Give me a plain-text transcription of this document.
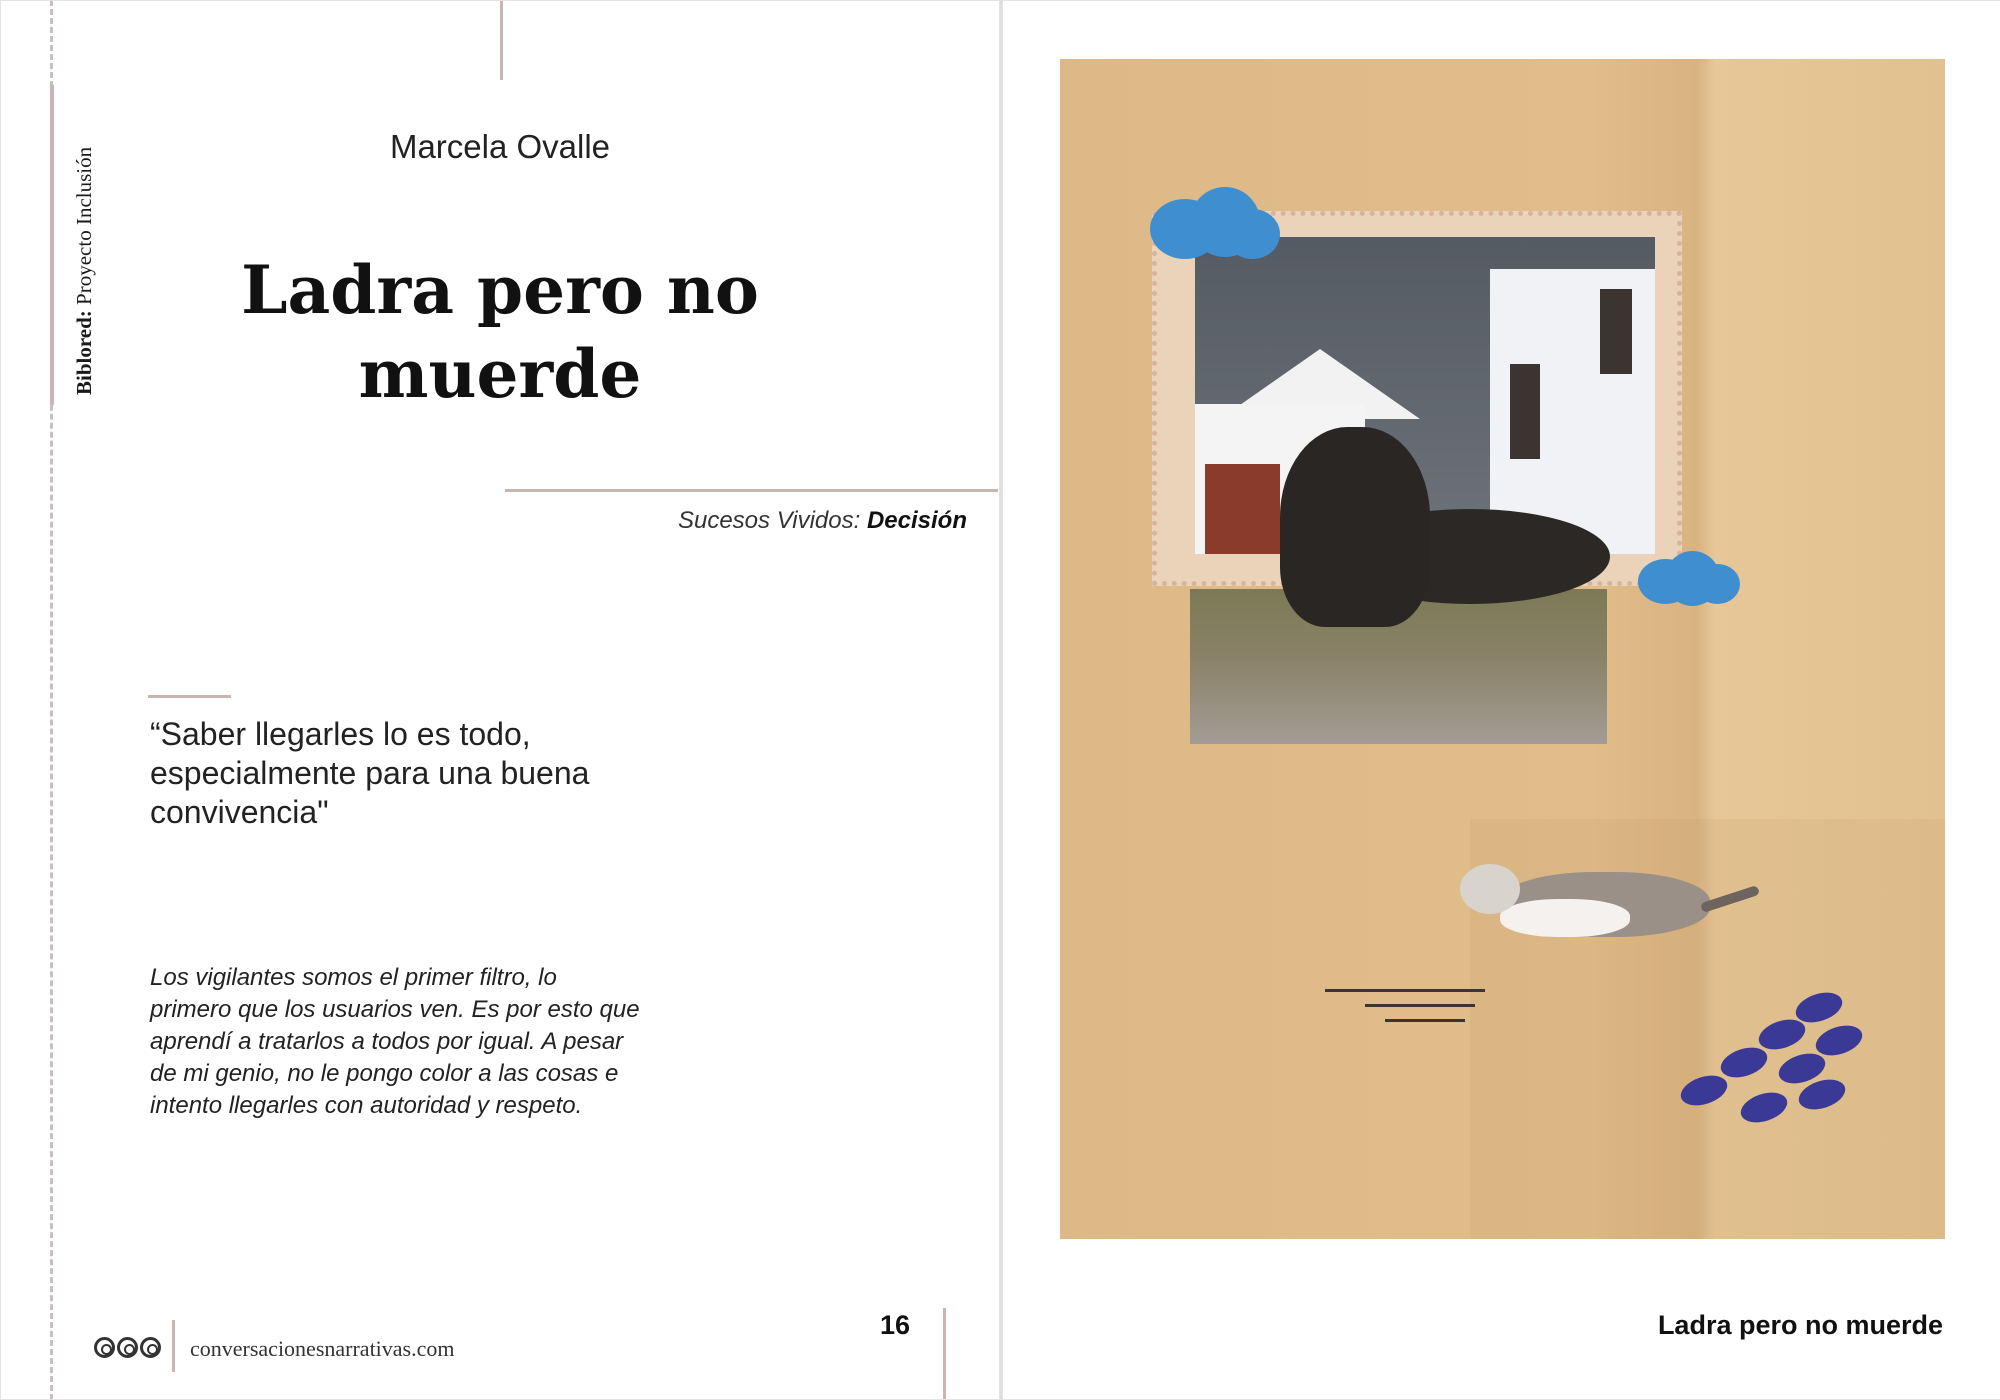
Biblored: Proyecto Inclusión
Marcela Ovalle
Ladra pero no
muerde
Sucesos Vividos: Decisión
“Saber llegarles lo es todo, especialmente para una buena convivencia"
Los vigilantes somos el primer filtro, lo primero que los usuarios ven. Es por esto que aprendí a tratarlos a todos por igual. A pesar de mi genio, no le pongo color a las cosas e intento llegarles con autoridad y respeto.
conversacionesnarrativas.com
16	Ladra pero no muerde
